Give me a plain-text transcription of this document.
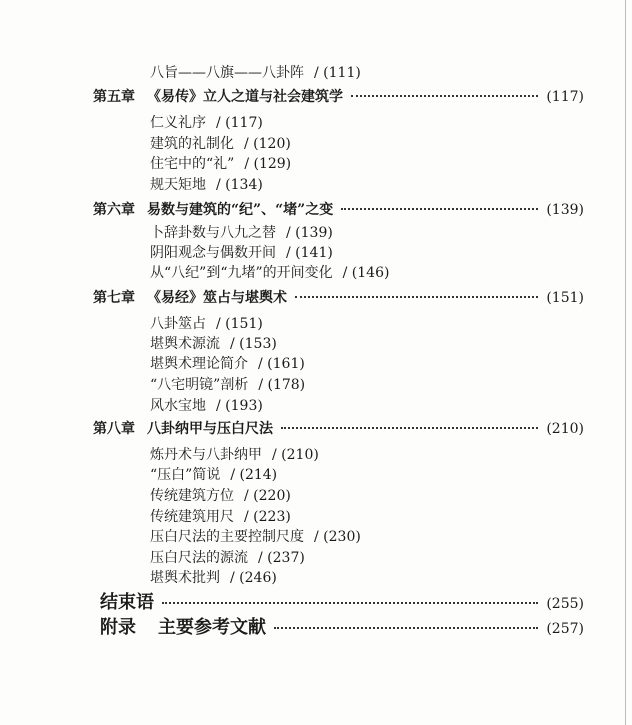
八旨——八旗——八卦阵 / (111)
第五章 《易传》立人之道与社会建筑学	(117)
仁义礼序 / (117)
建筑的礼制化 / (120)
住宅中的“礼” / (129)
规天矩地 / (134)
第六章 易数与建筑的“纪”、“堵”之变	(139)
卜辞卦数与八九之替 / (139)
阴阳观念与偶数开间 / (141)
从“八纪”到“九堵”的开间变化 / (146)
第七章 《易经》筮占与堪舆术	(151)
八卦筮占 / (151)
堪舆术源流 / (153)
堪舆术理论简介 / (161)
“八宅明镜”剖析 / (178)
风水宝地 / (193)
第八章 八卦纳甲与压白尺法	(210)
炼丹术与八卦纳甲 / (210)
“压白”简说 / (214)
传统建筑方位 / (220)
传统建筑用尺 / (223)
压白尺法的主要控制尺度 / (230)
压白尺法的源流 / (237)
堪舆术批判 / (246)
结束语	(255)
附录 主要参考文献	(257)
